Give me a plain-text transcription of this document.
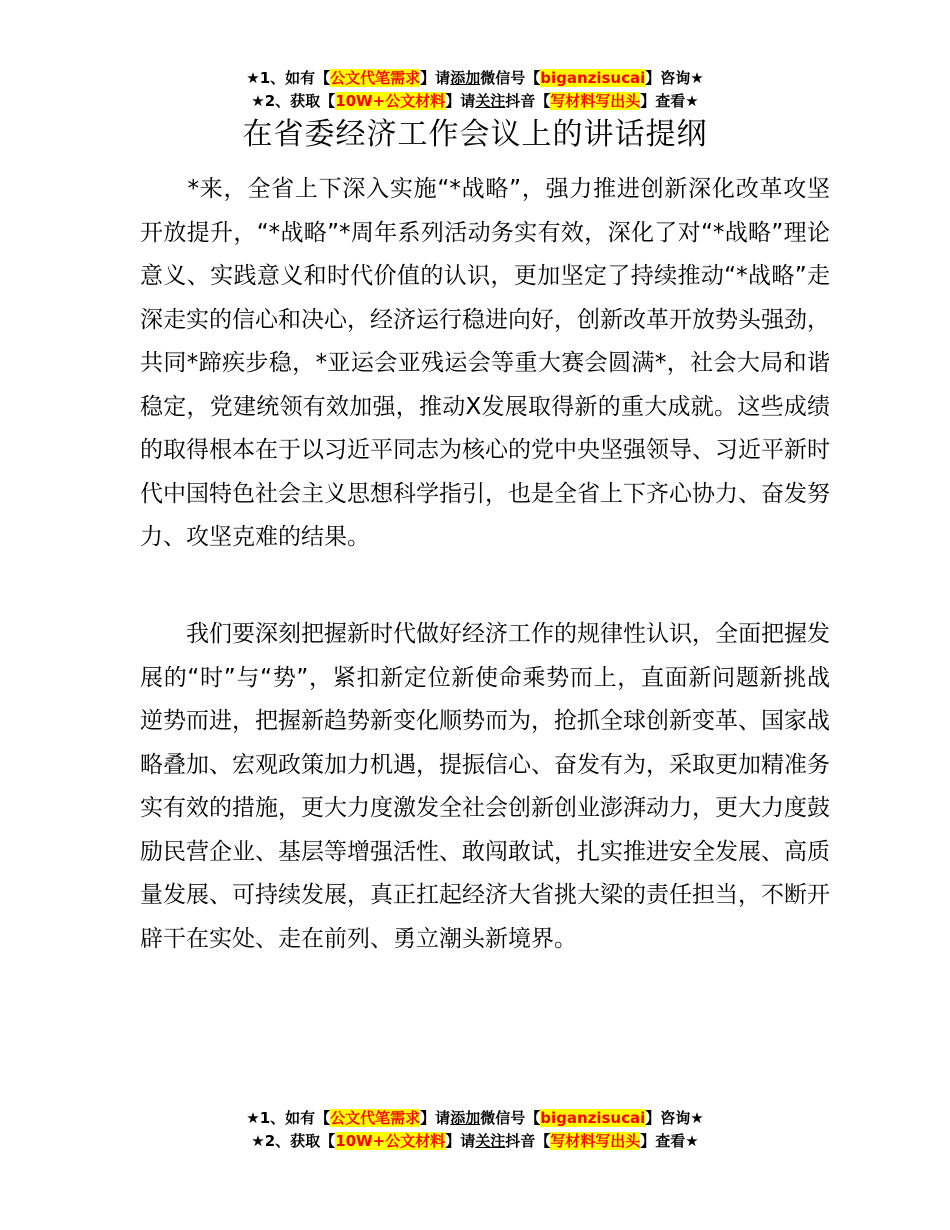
★1、如有【公文代笔需求】请添加微信号【biganzisucai】咨询★
★2、获取【10W+公文材料】请关注抖音【写材料写出头】查看★
在省委经济工作会议上的讲话提纲

　　*来，全省上下深入实施“*战略”，强力推进创新深化改革攻坚开放提升，“*战略”*周年系列活动务实有效，深化了对“*战略”理论意义、实践意义和时代价值的认识，更加坚定了持续推动“*战略”走深走实的信心和决心，经济运行稳进向好，创新改革开放势头强劲，共同*蹄疾步稳，*亚运会亚残运会等重大赛会圆满*，社会大局和谐稳定，党建统领有效加强，推动X发展取得新的重大成就。这些成绩的取得根本在于以习近平同志为核心的党中央坚强领导、习近平新时代中国特色社会主义思想科学指引，也是全省上下齐心协力、奋发努力、攻坚克难的结果。

　　我们要深刻把握新时代做好经济工作的规律性认识，全面把握发展的“时”与“势”，紧扣新定位新使命乘势而上，直面新问题新挑战逆势而进，把握新趋势新变化顺势而为，抢抓全球创新变革、国家战略叠加、宏观政策加力机遇，提振信心、奋发有为，采取更加精准务实有效的措施，更大力度激发全社会创新创业澎湃动力，更大力度鼓励民营企业、基层等增强活性、敢闯敢试，扎实推进安全发展、高质量发展、可持续发展，真正扛起经济大省挑大梁的责任担当，不断开辟干在实处、走在前列、勇立潮头新境界。

★1、如有【公文代笔需求】请添加微信号【biganzisucai】咨询★
★2、获取【10W+公文材料】请关注抖音【写材料写出头】查看★
